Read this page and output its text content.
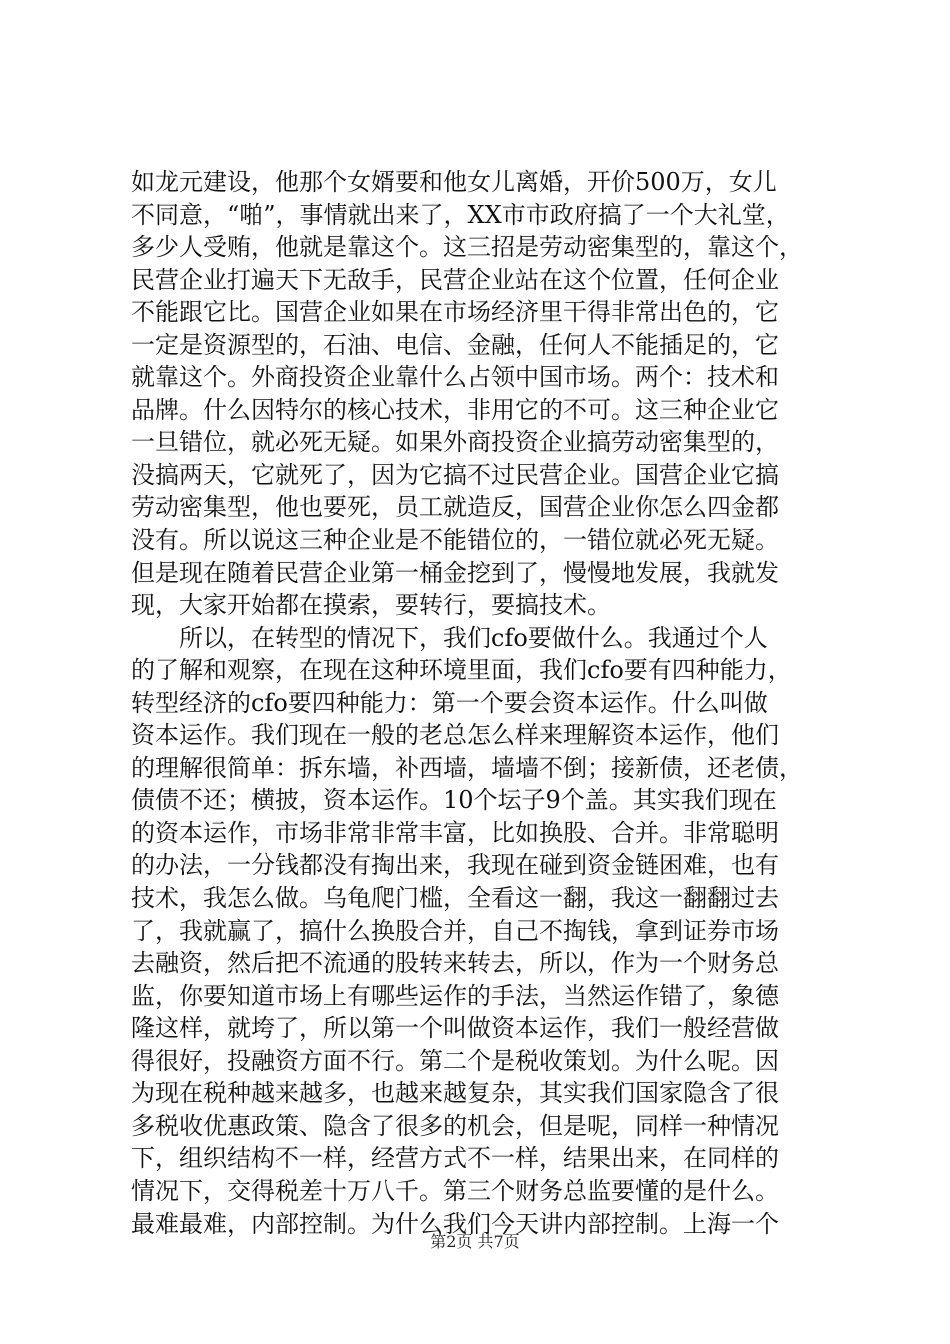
如龙元建设，他那个女婿要和他女儿离婚，开价500万，女儿
不同意，“啪”，事情就出来了，XX市市政府搞了一个大礼堂，
多少人受贿，他就是靠这个。这三招是劳动密集型的，靠这个，
民营企业打遍天下无敌手，民营企业站在这个位置，任何企业
不能跟它比。国营企业如果在市场经济里干得非常出色的，它
一定是资源型的，石油、电信、金融，任何人不能插足的，它
就靠这个。外商投资企业靠什么占领中国市场。两个：技术和
品牌。什么因特尔的核心技术，非用它的不可。这三种企业它
一旦错位，就必死无疑。如果外商投资企业搞劳动密集型的，
没搞两天，它就死了，因为它搞不过民营企业。国营企业它搞
劳动密集型，他也要死，员工就造反，国营企业你怎么四金都
没有。所以说这三种企业是不能错位的，一错位就必死无疑。
但是现在随着民营企业第一桶金挖到了，慢慢地发展，我就发
现，大家开始都在摸索，要转行，要搞技术。
　　所以，在转型的情况下，我们cfo要做什么。我通过个人
的了解和观察，在现在这种环境里面，我们cfo要有四种能力，
转型经济的cfo要四种能力：第一个要会资本运作。什么叫做
资本运作。我们现在一般的老总怎么样来理解资本运作，他们
的理解很简单：拆东墙，补西墙，墙墙不倒；接新债，还老债，
债债不还；横披，资本运作。10个坛子9个盖。其实我们现在
的资本运作，市场非常非常丰富，比如换股、合并。非常聪明
的办法，一分钱都没有掏出来，我现在碰到资金链困难，也有
技术，我怎么做。乌龟爬门槛，全看这一翻，我这一翻翻过去
了，我就赢了，搞什么换股合并，自己不掏钱，拿到证券市场
去融资，然后把不流通的股转来转去，所以，作为一个财务总
监，你要知道市场上有哪些运作的手法，当然运作错了，象德
隆这样，就垮了，所以第一个叫做资本运作，我们一般经营做
得很好，投融资方面不行。第二个是税收策划。为什么呢。因
为现在税种越来越多，也越来越复杂，其实我们国家隐含了很
多税收优惠政策、隐含了很多的机会，但是呢，同样一种情况
下，组织结构不一样，经营方式不一样，结果出来，在同样的
情况下，交得税差十万八千。第三个财务总监要懂的是什么。
最难最难，内部控制。为什么我们今天讲内部控制。上海一个
第2页 共7页
